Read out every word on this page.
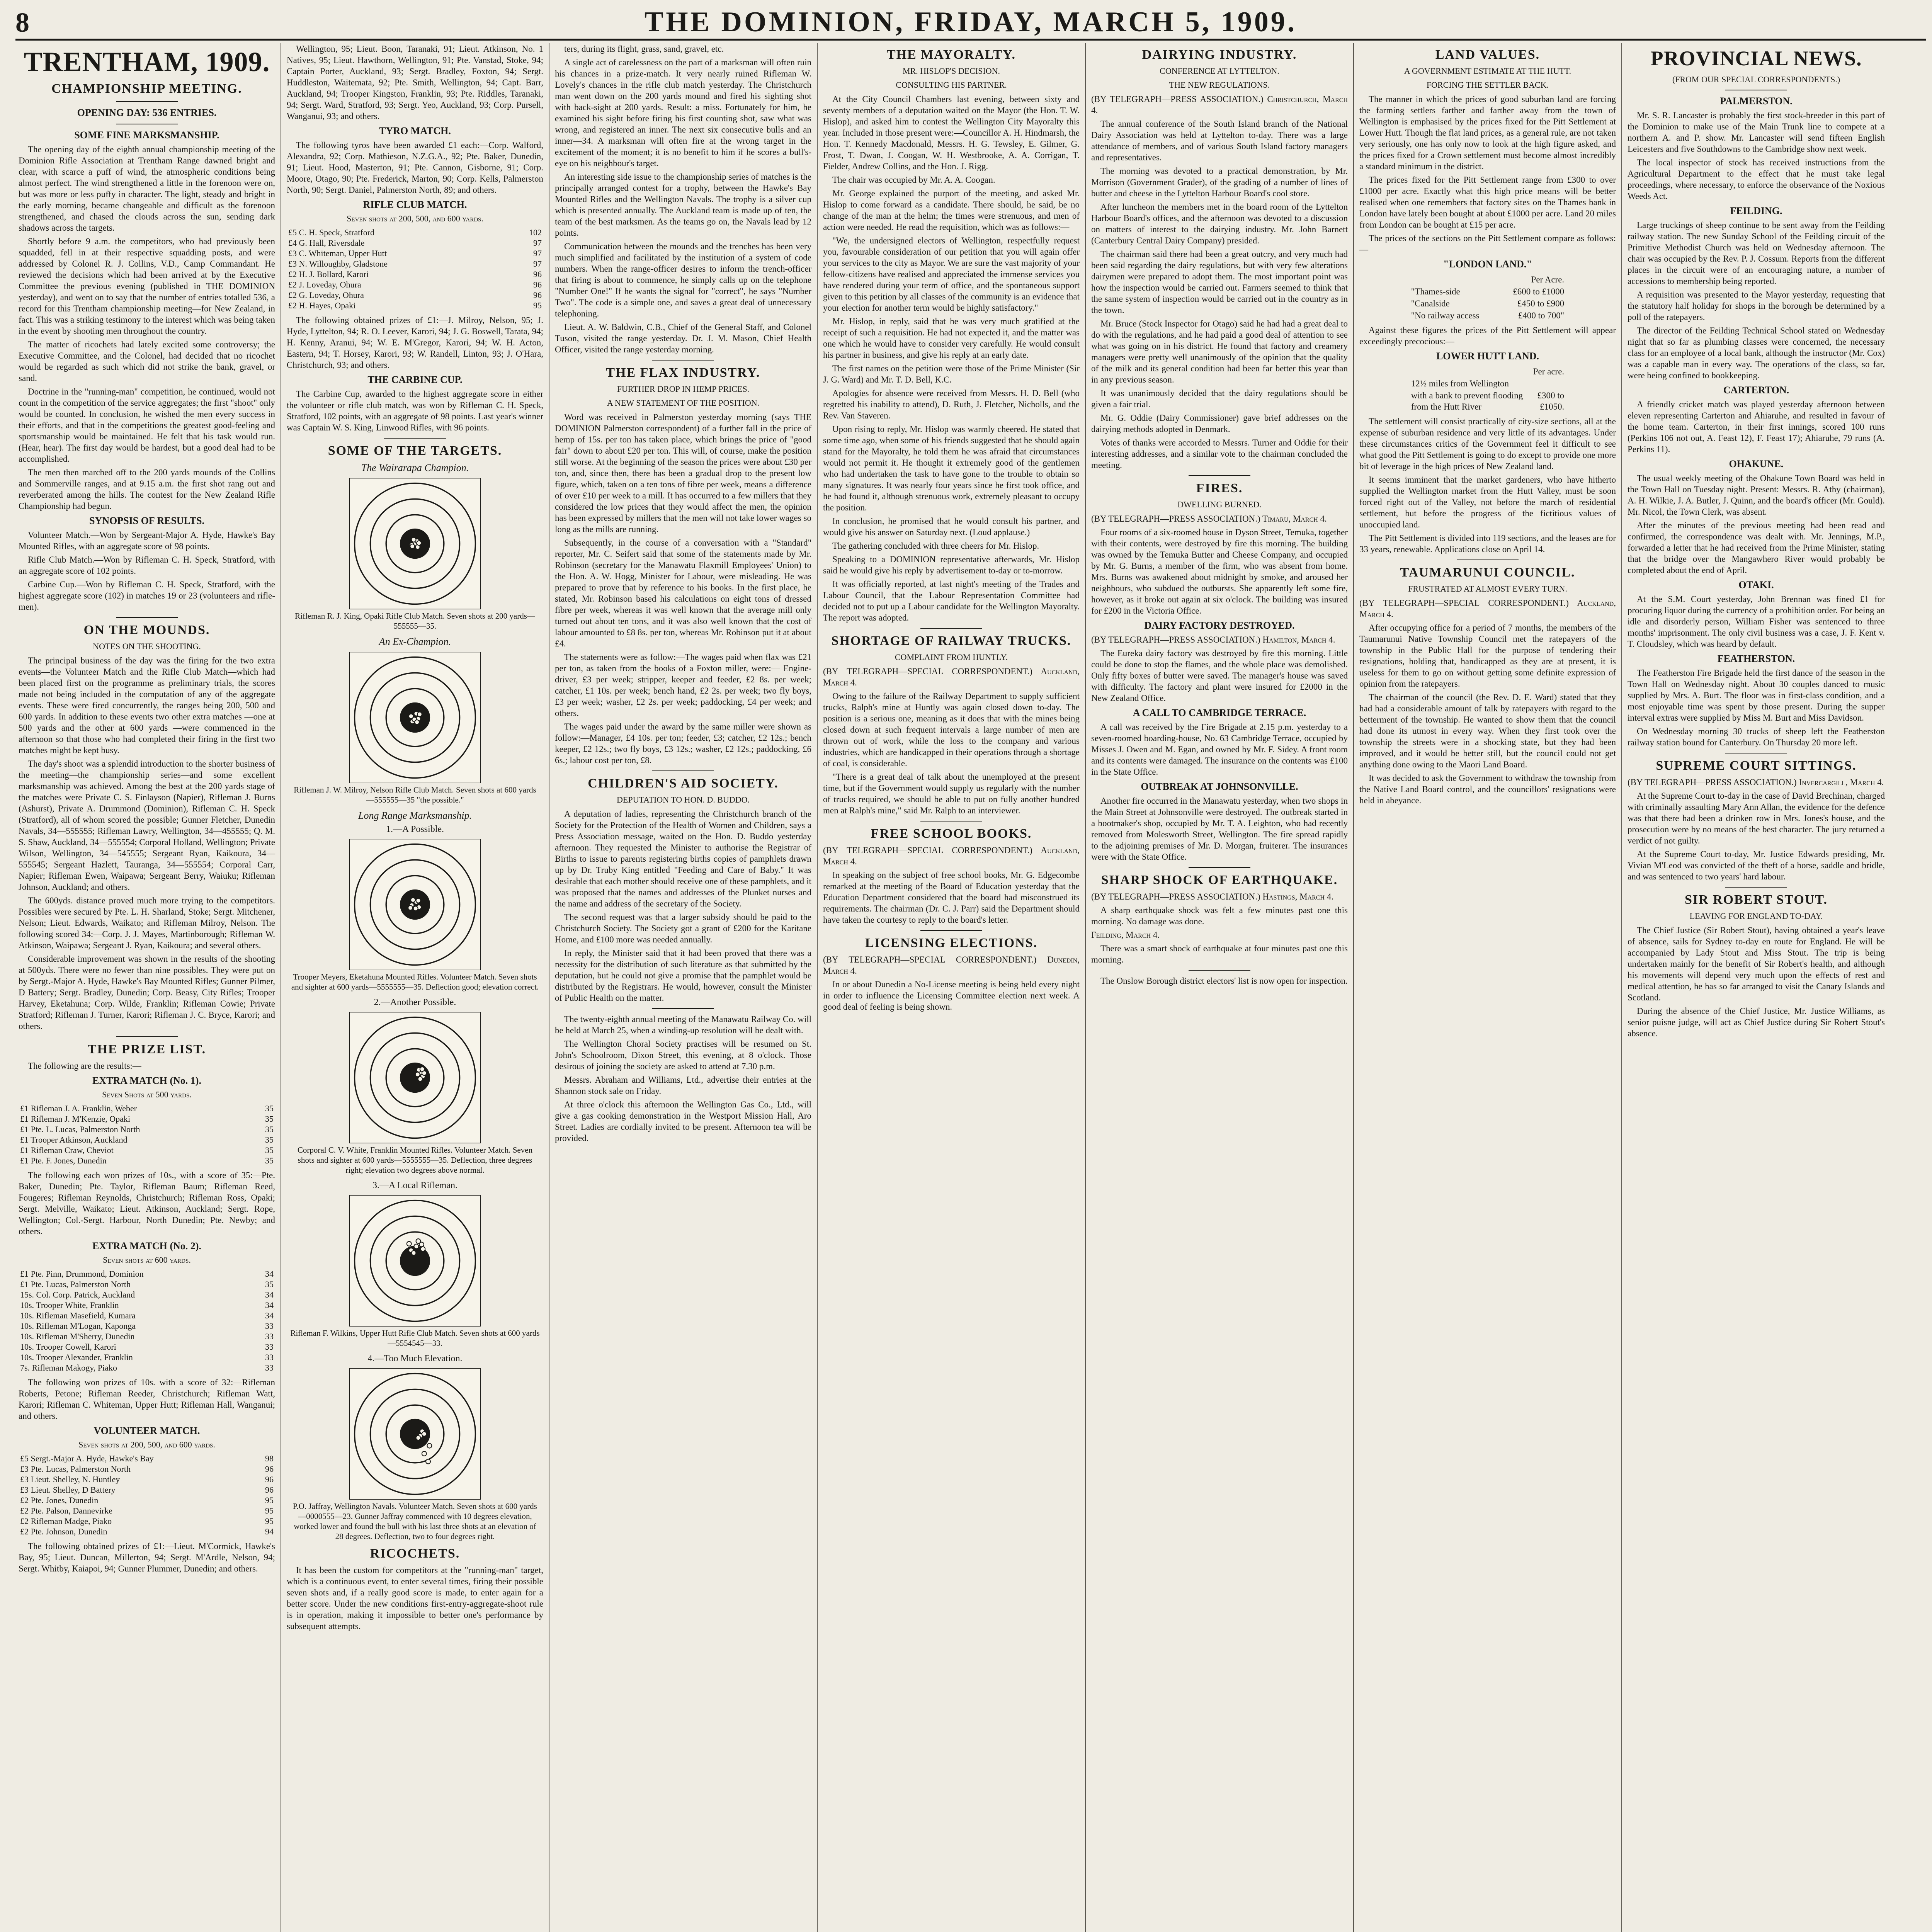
8	THE DOMINION, FRIDAY, MARCH 5, 1909.
TRENTHAM, 1909.
CHAMPIONSHIP MEETING.
OPENING DAY: 536 ENTRIES.
SOME FINE MARKSMANSHIP.

The opening day of the eighth annual championship meeting of the Dominion Rifle Association at Trentham Range dawned bright and clear, with scarce a puff of wind, the atmospheric conditions being almost perfect. The wind strengthened a little in the forenoon were on, but was more or less puffy in character. The light, steady and bright in the early morning, became changeable and difficult as the forenoon strengthened, and chased the clouds across the sun, sending dark shadows across the targets.

Shortly before 9 a.m. the competitors, who had previously been squadded, fell in at their respective squadding posts, and were addressed by Colonel R. J. Collins, V.D., Camp Commandant. He reviewed the decisions which had been arrived at by the Executive Committee the previous evening (published in THE DOMINION yesterday), and went on to say that the number of entries totalled 536, a record for this Trentham championship meeting—for New Zealand, in fact. This was a striking testimony to the interest which was being taken in the event by shooting men throughout the country.

The matter of ricochets had lately excited some controversy; the Executive Committee, and the Colonel, had decided that no ricochet would be regarded as such which did not strike the bank, gravel, or sand.

Doctrine in the "running-man" competition, he continued, would not count in the competition of the service aggregates; the first "shoot" only would be counted. In conclusion, he wished the men every success in their efforts, and that in the competitions the greatest good-feeling and sportsmanship would be maintained. He felt that his task would run. (Hear, hear). The first day would be hardest, but a good deal had to be accomplished.

The men then marched off to the 200 yards mounds of the Collins and Sommerville ranges, and at 9.15 a.m. the first shot rang out and reverberated among the hills. The contest for the New Zealand Rifle Championship had begun.

SYNOPSIS OF RESULTS.

Volunteer Match.—Won by Sergeant-Major A. Hyde, Hawke's Bay Mounted Rifles, with an aggregate score of 98 points.

Rifle Club Match.—Won by Rifleman C. H. Speck, Stratford, with an aggregate score of 102 points.

Carbine Cup.—Won by Rifleman C. H. Speck, Stratford, with the highest aggregate score (102) in matches 19 or 23 (volunteers and rifle-men).

ON THE MOUNDS.
NOTES ON THE SHOOTING.

The principal business of the day was the firing for the two extra events—the Volunteer Match and the Rifle Club Match—which had been placed first on the programme as preliminary trials, the scores made not being included in the computation of any of the aggregate events. These were fired concurrently, the ranges being 200, 500 and 600 yards. In addition to these events two other extra matches —one at 500 yards and the other at 600 yards —were commenced in the afternoon so that those who had completed their firing in the first two matches might be kept busy.

The day's shoot was a splendid introduction to the shorter business of the meeting—the championship series—and some excellent marksmanship was achieved. Among the best at the 200 yards stage of the matches were Private C. S. Finlayson (Napier), Rifleman J. Burns (Ashurst), Private A. Drummond (Dominion), Rifleman C. H. Speck (Stratford), all of whom scored the possible; Gunner Fletcher, Dunedin Navals, 34—555555; Rifleman Lawry, Wellington, 34—455555; Q. M. S. Shaw, Auckland, 34—555554; Corporal Holland, Wellington; Private Wilson, Wellington, 34—545555; Sergeant Ryan, Kaikoura, 34—555545; Sergeant Hazlett, Tauranga, 34—555554; Corporal Carr, Napier; Rifleman Ewen, Waipawa; Sergeant Berry, Waiuku; Rifleman Johnson, Auckland; and others.

The 600yds. distance proved much more trying to the competitors. Possibles were secured by Pte. L. H. Sharland, Stoke; Sergt. Mitchener, Nelson; Lieut. Edwards, Waikato; and Rifleman Milroy, Nelson. The following scored 34:—Corp. J. J. Mayes, Martinborough; Rifleman W. Atkinson, Waipawa; Sergeant J. Ryan, Kaikoura; and several others.

Considerable improvement was shown in the results of the shooting at 500yds. There were no fewer than nine possibles. They were put on by Sergt.-Major A. Hyde, Hawke's Bay Mounted Rifles; Gunner Pilmer, D Battery; Sergt. Bradley, Dunedin; Corp. Beasy, City Rifles; Trooper Harvey, Eketahuna; Corp. Wilde, Franklin; Rifleman Cowie; Private Stratford; Rifleman J. Turner, Karori; Rifleman J. C. Bryce, Karori; and others.

THE PRIZE LIST.

The following are the results:—

EXTRA MATCH (No. 1).
Seven Shots at 500 yards.
£1 Rifleman J. A. Franklin, Weber	35
£1 Rifleman J. M'Kenzie, Opaki	35
£1 Pte. L. Lucas, Palmerston North	35
£1 Trooper Atkinson, Auckland	35
£1 Rifleman Craw, Cheviot	35
£1 Pte. F. Jones, Dunedin	35

The following each won prizes of 10s., with a score of 35:—Pte. Baker, Dunedin; Pte. Taylor, Rifleman Baum; Rifleman Reed, Fougeres; Rifleman Reynolds, Christchurch; Rifleman Ross, Opaki; Sergt. Melville, Waikato; Lieut. Atkinson, Auckland; Sergt. Rope, Wellington; Col.-Sergt. Harbour, North Dunedin; Pte. Newby; and others.

EXTRA MATCH (No. 2).
Seven shots at 600 yards.
£1 Pte. Pinn, Drummond, Dominion	34
£1 Pte. Lucas, Palmerston North	35
15s. Col. Corp. Patrick, Auckland	34
10s. Trooper White, Franklin	34
10s. Rifleman Masefield, Kumara	34
10s. Rifleman M'Logan, Kaponga	33
10s. Rifleman M'Sherry, Dunedin	33
10s. Trooper Cowell, Karori	33
10s. Trooper Alexander, Franklin	33
7s. Rifleman Makogy, Piako	33

The following won prizes of 10s. with a score of 32:—Rifleman Roberts, Petone; Rifleman Reeder, Christchurch; Rifleman Watt, Karori; Rifleman C. Whiteman, Upper Hutt; Rifleman Hall, Wanganui; and others.

VOLUNTEER MATCH.
Seven shots at 200, 500, and 600 yards.
£5 Sergt.-Major A. Hyde, Hawke's Bay	98
£3 Pte. Lucas, Palmerston North	96
£3 Lieut. Shelley, N. Huntley	96
£3 Lieut. Shelley, D Battery	96
£2 Pte. Jones, Dunedin	95
£2 Pte. Palson, Dannevirke	95
£2 Rifleman Madge, Piako	95
£2 Pte. Johnson, Dunedin	94

The following obtained prizes of £1:—Lieut. M'Cormick, Hawke's Bay, 95; Lieut. Duncan, Millerton, 94; Sergt. M'Ardle, Nelson, 94; Sergt. Whitby, Kaiapoi, 94; Gunner Plummer, Dunedin; and others.

Wellington, 95; Lieut. Boon, Taranaki, 91; Lieut. Atkinson, No. 1 Natives, 95; Lieut. Hawthorn, Wellington, 91; Pte. Vanstad, Stoke, 94; Captain Porter, Auckland, 93; Sergt. Bradley, Foxton, 94; Sergt. Huddleston, Waitemata, 92; Pte. Smith, Wellington, 94; Capt. Barr, Auckland, 94; Trooper Kingston, Franklin, 93; Pte. Riddles, Taranaki, 94; Sergt. Ward, Stratford, 93; Sergt. Yeo, Auckland, 93; Corp. Pursell, Wanganui, 93; and others.

TYRO MATCH.

The following tyros have been awarded £1 each:—Corp. Walford, Alexandra, 92; Corp. Mathieson, N.Z.G.A., 92; Pte. Baker, Dunedin, 91; Lieut. Hood, Masterton, 91; Pte. Cannon, Gisborne, 91; Corp. Moore, Otago, 90; Pte. Frederick, Marton, 90; Corp. Kells, Palmerston North, 90; Sergt. Daniel, Palmerston North, 89; and others.

RIFLE CLUB MATCH.
Seven shots at 200, 500, and 600 yards.
£5 C. H. Speck, Stratford	102
£4 G. Hall, Riversdale	97
£3 C. Whiteman, Upper Hutt	97
£3 N. Willoughby, Gladstone	97
£2 H. J. Bollard, Karori	96
£2 J. Loveday, Ohura	96
£2 G. Loveday, Ohura	96
£2 H. Hayes, Opaki	95

The following obtained prizes of £1:—J. Milroy, Nelson, 95; J. Hyde, Lyttelton, 94; R. O. Leever, Karori, 94; J. G. Boswell, Tarata, 94; H. Kenny, Aranui, 94; W. E. M'Gregor, Karori, 94; W. H. Acton, Eastern, 94; T. Horsey, Karori, 93; W. Randell, Linton, 93; J. O'Hara, Christchurch, 93; and others.

THE CARBINE CUP.

The Carbine Cup, awarded to the highest aggregate score in either the volunteer or rifle club match, was won by Rifleman C. H. Speck, Stratford, 102 points, with an aggregate of 98 points. Last year's winner was Captain W. S. King, Linwood Rifles, with 96 points.

SOME OF THE TARGETS.
The Wairarapa Champion.
Rifleman R. J. King, Opaki Rifle Club Match. Seven shots at 200 yards—555555—35.
An Ex-Champion.
Rifleman J. W. Milroy, Nelson Rifle Club Match. Seven shots at 600 yards—555555—35 "the possible."
Long Range Marksmanship.
1.—A Possible.
Trooper Meyers, Eketahuna Mounted Rifles. Volunteer Match. Seven shots and sighter at 600 yards—5555555—35. Deflection good; elevation correct.
2.—Another Possible.
Corporal C. V. White, Franklin Mounted Rifles. Volunteer Match. Seven shots and sighter at 600 yards—5555555—35. Deflection, three degrees right; elevation two degrees above normal.
3.—A Local Rifleman.
Rifleman F. Wilkins, Upper Hutt Rifle Club Match. Seven shots at 600 yards—5554545—33.
4.—Too Much Elevation.
P.O. Jaffray, Wellington Navals. Volunteer Match. Seven shots at 600 yards—0000555—23. Gunner Jaffray commenced with 10 degrees elevation, worked lower and found the bull with his last three shots at an elevation of 28 degrees. Deflection, two to four degrees right.
RICOCHETS.

It has been the custom for competitors at the "running-man" target, which is a continuous event, to enter several times, firing their possible seven shots and, if a really good score is made, to enter again for a better score. Under the new conditions first-entry-aggregate-shoot rule is in operation, making it impossible to better one's performance by subsequent attempts.

ters, during its flight, grass, sand, gravel, etc.

A single act of carelessness on the part of a marksman will often ruin his chances in a prize-match. It very nearly ruined Rifleman W. Lovely's chances in the rifle club match yesterday. The Christchurch man went down on the 200 yards mound and fired his sighting shot with back-sight at 200 yards. Result: a miss. Fortunately for him, he examined his sight before firing his first counting shot, saw what was wrong, and registered an inner. The next six consecutive bulls and an inner—34. A marksman will often fire at the wrong target in the excitement of the moment; it is no benefit to him if he scores a bull's-eye on his neighbour's target.

An interesting side issue to the championship series of matches is the principally arranged contest for a trophy, between the Hawke's Bay Mounted Rifles and the Wellington Navals. The trophy is a silver cup which is presented annually. The Auckland team is made up of ten, the team of the best marksmen. As the teams go on, the Navals lead by 12 points.

Communication between the mounds and the trenches has been very much simplified and facilitated by the institution of a system of code numbers. When the range-officer desires to inform the trench-officer that firing is about to commence, he simply calls up on the telephone "Number One!" If he wants the signal for "correct", he says "Number Two". The code is a simple one, and saves a great deal of unnecessary telephoning.

Lieut. A. W. Baldwin, C.B., Chief of the General Staff, and Colonel Tuson, visited the range yesterday. Dr. J. M. Mason, Chief Health Officer, visited the range yesterday morning.

THE FLAX INDUSTRY.
FURTHER DROP IN HEMP PRICES.
A NEW STATEMENT OF THE POSITION.

Word was received in Palmerston yesterday morning (says THE DOMINION Palmerston correspondent) of a further fall in the price of hemp of 15s. per ton has taken place, which brings the price of "good fair" down to about £20 per ton. This will, of course, make the position still worse. At the beginning of the season the prices were about £30 per ton, and, since then, there has been a gradual drop to the present low figure, which, taken on a ten tons of fibre per week, means a difference of over £10 per week to a mill. It has occurred to a few millers that they considered the low prices that they would affect the men, the opinion has been expressed by millers that the men will not take lower wages so long as the mills are running.

Subsequently, in the course of a conversation with a "Standard" reporter, Mr. C. Seifert said that some of the statements made by Mr. Robinson (secretary for the Manawatu Flaxmill Employees' Union) to the Hon. A. W. Hogg, Minister for Labour, were misleading. He was prepared to prove that by reference to his books. In the first place, he stated, Mr. Robinson based his calculations on eight tons of dressed fibre per week, whereas it was well known that the average mill only turned out about ten tons, and it was also well known that the cost of labour amounted to £8 8s. per ton, whereas Mr. Robinson put it at about £4.

The statements were as follow:—The wages paid when flax was £21 per ton, as taken from the books of a Foxton miller, were:— Engine-driver, £3 per week; stripper, keeper and feeder, £2 8s. per week; catcher, £1 10s. per week; bench hand, £2 2s. per week; two fly boys, £3 per week; washer, £2 2s. per week; paddocking, £4 per week; and others.

The wages paid under the award by the same miller were shown as follow:—Manager, £4 10s. per ton; feeder, £3; catcher, £2 12s.; bench keeper, £2 12s.; two fly boys, £3 12s.; washer, £2 12s.; paddocking, £6 6s.; labour cost per ton, £8.

CHILDREN'S AID SOCIETY.
DEPUTATION TO HON. D. BUDDO.

A deputation of ladies, representing the Christchurch branch of the Society for the Protection of the Health of Women and Children, says a Press Association message, waited on the Hon. D. Buddo yesterday afternoon. They requested the Minister to authorise the Registrar of Births to issue to parents registering births copies of pamphlets drawn up by Dr. Truby King entitled "Feeding and Care of Baby." It was desirable that each mother should receive one of these pamphlets, and it was proposed that the names and addresses of the Plunket nurses and the name and address of the secretary of the Society.

The second request was that a larger subsidy should be paid to the Christchurch Society. The Society got a grant of £200 for the Karitane Home, and £100 more was needed annually.

In reply, the Minister said that it had been proved that there was a necessity for the distribution of such literature as that submitted by the deputation, but he could not give a promise that the pamphlet would be distributed by the Registrars. He would, however, consult the Minister of Public Health on the matter.

The twenty-eighth annual meeting of the Manawatu Railway Co. will be held at March 25, when a winding-up resolution will be dealt with.

The Wellington Choral Society practises will be resumed on St. John's Schoolroom, Dixon Street, this evening, at 8 o'clock. Those desirous of joining the society are asked to attend at 7.30 p.m.

Messrs. Abraham and Williams, Ltd., advertise their entries at the Shannon stock sale on Friday.

At three o'clock this afternoon the Wellington Gas Co., Ltd., will give a gas cooking demonstration in the Westport Mission Hall, Aro Street. Ladies are cordially invited to be present. Afternoon tea will be provided.

THE MAYORALTY.
MR. HISLOP'S DECISION.
CONSULTING HIS PARTNER.

At the City Council Chambers last evening, between sixty and seventy members of a deputation waited on the Mayor (the Hon. T. W. Hislop), and asked him to contest the Wellington City Mayoralty this year. Included in those present were:—Councillor A. H. Hindmarsh, the Hon. T. Kennedy Macdonald, Messrs. H. G. Tewsley, E. Gilmer, G. Frost, T. Dwan, J. Coogan, W. H. Westbrooke, A. A. Corrigan, T. Fielder, Andrew Collins, and the Hon. J. Rigg.

The chair was occupied by Mr. A. A. Coogan.

Mr. George explained the purport of the meeting, and asked Mr. Hislop to come forward as a candidate. There should, he said, be no change of the man at the helm; the times were strenuous, and men of action were needed. He read the requisition, which was as follows:—

"We, the undersigned electors of Wellington, respectfully request you, favourable consideration of our petition that you will again offer your services to the city as Mayor. We are sure the vast majority of your fellow-citizens have realised and appreciated the immense services you have rendered during your term of office, and the spontaneous support given to this petition by all classes of the community is an evidence that your election for another term would be highly satisfactory."

Mr. Hislop, in reply, said that he was very much gratified at the receipt of such a requisition. He had not expected it, and the matter was one which he would have to consider very carefully. He would consult his partner in business, and give his reply at an early date.

The first names on the petition were those of the Prime Minister (Sir J. G. Ward) and Mr. T. D. Bell, K.C.

Apologies for absence were received from Messrs. H. D. Bell (who regretted his inability to attend), D. Ruth, J. Fletcher, Nicholls, and the Rev. Van Staveren.

Upon rising to reply, Mr. Hislop was warmly cheered. He stated that some time ago, when some of his friends suggested that he should again stand for the Mayoralty, he told them he was afraid that circumstances would not permit it. He thought it extremely good of the gentlemen who had undertaken the task to have gone to the trouble to obtain so many signatures. It was nearly four years since he first took office, and he had found it, although strenuous work, extremely pleasant to occupy the position.

In conclusion, he promised that he would consult his partner, and would give his answer on Saturday next. (Loud applause.)

The gathering concluded with three cheers for Mr. Hislop.

Speaking to a DOMINION representative afterwards, Mr. Hislop said he would give his reply by advertisement to-day or to-morrow.

It was officially reported, at last night's meeting of the Trades and Labour Council, that the Labour Representation Committee had decided not to put up a Labour candidate for the Wellington Mayoralty. The report was adopted.

SHORTAGE OF RAILWAY TRUCKS.
COMPLAINT FROM HUNTLY.

(BY TELEGRAPH—SPECIAL CORRESPONDENT.) Auckland, March 4.

Owing to the failure of the Railway Department to supply sufficient trucks, Ralph's mine at Huntly was again closed down to-day. The position is a serious one, meaning as it does that with the mines being closed down at such frequent intervals a large number of men are thrown out of work, while the loss to the company and various industries, which are handicapped in their operations through a shortage of coal, is considerable.

"There is a great deal of talk about the unemployed at the present time, but if the Government would supply us regularly with the number of trucks required, we should be able to put on fully another hundred men at Ralph's mine," said Mr. Ralph to an interviewer.

FREE SCHOOL BOOKS.

(BY TELEGRAPH—SPECIAL CORRESPONDENT.) Auckland, March 4.

In speaking on the subject of free school books, Mr. G. Edgecombe remarked at the meeting of the Board of Education yesterday that the Education Department considered that the board had misconstrued its requirements. The chairman (Dr. C. J. Parr) said the Department should have taken the courtesy to reply to the board's letter.

LICENSING ELECTIONS.

(BY TELEGRAPH—SPECIAL CORRESPONDENT.) Dunedin, March 4.

In or about Dunedin a No-License meeting is being held every night in order to influence the Licensing Committee election next week. A good deal of feeling is being shown.

DAIRYING INDUSTRY.
CONFERENCE AT LYTTELTON.
THE NEW REGULATIONS.

(BY TELEGRAPH—PRESS ASSOCIATION.) Christchurch, March 4.

The annual conference of the South Island branch of the National Dairy Association was held at Lyttelton to-day. There was a large attendance of members, and of various South Island factory managers and representatives.

The morning was devoted to a practical demonstration, by Mr. Morrison (Government Grader), of the grading of a number of lines of butter and cheese in the Lyttelton Harbour Board's cool store.

After luncheon the members met in the board room of the Lyttelton Harbour Board's offices, and the afternoon was devoted to a discussion on matters of interest to the dairying industry. Mr. John Barnett (Canterbury Central Dairy Company) presided.

The chairman said there had been a great outcry, and very much had been said regarding the dairy regulations, but with very few alterations dairymen were prepared to adopt them. The most important point was how the inspection would be carried out. Farmers seemed to think that the same system of inspection would be carried out in the country as in the town.

Mr. Bruce (Stock Inspector for Otago) said he had had a great deal to do with the regulations, and he had paid a good deal of attention to see what was going on in his district. He found that factory and creamery managers were pretty well unanimously of the opinion that the quality of the milk and its general condition had been far better this year than in any previous season.

It was unanimously decided that the dairy regulations should be given a fair trial.

Mr. G. Oddie (Dairy Commissioner) gave brief addresses on the dairying methods adopted in Denmark.

Votes of thanks were accorded to Messrs. Turner and Oddie for their interesting addresses, and a similar vote to the chairman concluded the meeting.

FIRES.
DWELLING BURNED.

(BY TELEGRAPH—PRESS ASSOCIATION.) Timaru, March 4.

Four rooms of a six-roomed house in Dyson Street, Temuka, together with their contents, were destroyed by fire this morning. The building was owned by the Temuka Butter and Cheese Company, and occupied by Mr. G. Burns, a member of the firm, who was absent from home. Mrs. Burns was awakened about midnight by smoke, and aroused her neighbours, who subdued the outbursts. She apparently left some fire, however, as it broke out again at six o'clock. The building was insured for £200 in the Victoria Office.

DAIRY FACTORY DESTROYED.

(BY TELEGRAPH—PRESS ASSOCIATION.) Hamilton, March 4.

The Eureka dairy factory was destroyed by fire this morning. Little could be done to stop the flames, and the whole place was demolished. Only fifty boxes of butter were saved. The manager's house was saved with difficulty. The factory and plant were insured for £2000 in the New Zealand Office.

A CALL TO CAMBRIDGE TERRACE.

A call was received by the Fire Brigade at 2.15 p.m. yesterday to a seven-roomed boarding-house, No. 63 Cambridge Terrace, occupied by Misses J. Owen and M. Egan, and owned by Mr. F. Sidey. A front room and its contents were damaged. The insurance on the contents was £100 in the State Office.

OUTBREAK AT JOHNSONVILLE.

Another fire occurred in the Manawatu yesterday, when two shops in the Main Street at Johnsonville were destroyed. The outbreak started in a bootmaker's shop, occupied by Mr. T. A. Leighton, who had recently removed from Molesworth Street, Wellington. The fire spread rapidly to the adjoining premises of Mr. D. Morgan, fruiterer. The insurances were with the State Office.

SHARP SHOCK OF EARTHQUAKE.

(BY TELEGRAPH—PRESS ASSOCIATION.) Hastings, March 4.

A sharp earthquake shock was felt a few minutes past one this morning. No damage was done.

Feilding, March 4.

There was a smart shock of earthquake at four minutes past one this morning.

The Onslow Borough district electors' list is now open for inspection.

LAND VALUES.
A GOVERNMENT ESTIMATE AT THE HUTT.
FORCING THE SETTLER BACK.

The manner in which the prices of good suburban land are forcing the farming settlers farther and farther away from the town of Wellington is emphasised by the prices fixed for the Pitt Settlement at Lower Hutt. Though the flat land prices, as a general rule, are not taken very seriously, one has only now to look at the high figure asked, and the prices fixed for a Crown settlement must become almost incredibly a standard minimum in the district.

The prices fixed for the Pitt Settlement range from £300 to over £1000 per acre. Exactly what this high price means will be better realised when one remembers that factory sites on the Thames bank in London have lately been bought at about £1000 per acre. Land 20 miles from London can be bought at £15 per acre.

The prices of the sections on the Pitt Settlement compare as follows:—

"LONDON LAND."
	Per Acre.
"Thames-side	£600 to £1000
"Canalside	£450 to £900
"No railway access	£400 to 700"

Against these figures the prices of the Pitt Settlement will appear exceedingly precocious:—

LOWER HUTT LAND.
	Per acre.
12½ miles from Wellington	
with a bank to prevent flooding from the Hutt River	£300 to £1050.

The settlement will consist practically of city-size sections, all at the expense of suburban residence and very little of its advantages. Under these circumstances critics of the Government feel it difficult to see what good the Pitt Settlement is going to do except to provide one more bit of leverage in the high prices of New Zealand land.

It seems imminent that the market gardeners, who have hitherto supplied the Wellington market from the Hutt Valley, must be soon forced right out of the Valley, not before the march of residential settlement, but before the progress of the fictitious values of unoccupied land.

The Pitt Settlement is divided into 119 sections, and the leases are for 33 years, renewable. Applications close on April 14.

TAUMARUNUI COUNCIL.
FRUSTRATED AT ALMOST EVERY TURN.

(BY TELEGRAPH—SPECIAL CORRESPONDENT.) Auckland, March 4.

After occupying office for a period of 7 months, the members of the Taumarunui Native Township Council met the ratepayers of the township in the Public Hall for the purpose of tendering their resignations, holding that, handicapped as they are at present, it is useless for them to go on without getting some definite expression of opinion from the ratepayers.

The chairman of the council (the Rev. D. E. Ward) stated that they had had a considerable amount of talk by ratepayers with regard to the betterment of the township. He wanted to show them that the council had done its utmost in every way. When they first took over the township the streets were in a shocking state, but they had been improved, and it would be better still, but the council could not get anything done owing to the Maori Land Board.

It was decided to ask the Government to withdraw the township from the Native Land Board control, and the councillors' resignations were held in abeyance.

PROVINCIAL NEWS.
(FROM OUR SPECIAL CORRESPONDENTS.)
PALMERSTON.

Mr. S. R. Lancaster is probably the first stock-breeder in this part of the Dominion to make use of the Main Trunk line to compete at a northern A. and P. show. Mr. Lancaster will send fifteen English Leicesters and five Southdowns to the Cambridge show next week.

The local inspector of stock has received instructions from the Agricultural Department to the effect that he must take legal proceedings, where necessary, to enforce the observance of the Noxious Weeds Act.

FEILDING.

Large truckings of sheep continue to be sent away from the Feilding railway station. The new Sunday School of the Feilding circuit of the Primitive Methodist Church was held on Wednesday afternoon. The chair was occupied by the Rev. P. J. Cossum. Reports from the different places in the circuit were of an encouraging nature, a number of accessions to membership being reported.

A requisition was presented to the Mayor yesterday, requesting that the statutory half holiday for shops in the borough be determined by a poll of the ratepayers.

The director of the Feilding Technical School stated on Wednesday night that so far as plumbing classes were concerned, the necessary class for an employee of a local bank, although the instructor (Mr. Cox) was a capable man in every way. The operations of the class, so far, were being confined to bookkeeping.

CARTERTON.

A friendly cricket match was played yesterday afternoon between eleven representing Carterton and Ahiaruhe, and resulted in favour of the home team. Carterton, in their first innings, scored 100 runs (Perkins 106 not out, A. Feast 12), F. Feast 17); Ahiaruhe, 79 runs (A. Perkins 11).

OHAKUNE.

The usual weekly meeting of the Ohakune Town Board was held in the Town Hall on Tuesday night. Present: Messrs. R. Athy (chairman), A. H. Wilkie, J. A. Butler, J. Quinn, and the board's officer (Mr. Gould). Mr. Nicol, the Town Clerk, was absent.

After the minutes of the previous meeting had been read and confirmed, the correspondence was dealt with. Mr. Jennings, M.P., forwarded a letter that he had received from the Prime Minister, stating that the bridge over the Mangawhero River would probably be completed about the end of April.

OTAKI.

At the S.M. Court yesterday, John Brennan was fined £1 for procuring liquor during the currency of a prohibition order. For being an idle and disorderly person, William Fisher was sentenced to three months' imprisonment. The only civil business was a case, J. F. Kent v. T. Cloudsley, which was heard by default.

FEATHERSTON.

The Featherston Fire Brigade held the first dance of the season in the Town Hall on Wednesday night. About 30 couples danced to music supplied by Mrs. A. Burt. The floor was in first-class condition, and a most enjoyable time was spent by those present. During the supper interval extras were supplied by Miss M. Burt and Miss Davidson.

On Wednesday morning 30 trucks of sheep left the Featherston railway station bound for Canterbury. On Thursday 20 more left.

SUPREME COURT SITTINGS.

(BY TELEGRAPH—PRESS ASSOCIATION.) Invercargill, March 4.

At the Supreme Court to-day in the case of David Brechinan, charged with criminally assaulting Mary Ann Allan, the evidence for the defence was that there had been a drinken row in Mrs. Jones's house, and the prosecution were by no means of the best character. The jury returned a verdict of not guilty.

At the Supreme Court to-day, Mr. Justice Edwards presiding, Mr. Vivian M'Leod was convicted of the theft of a horse, saddle and bridle, and was sentenced to two years' hard labour.

SIR ROBERT STOUT.
LEAVING FOR ENGLAND TO-DAY.

The Chief Justice (Sir Robert Stout), having obtained a year's leave of absence, sails for Sydney to-day en route for England. He will be accompanied by Lady Stout and Miss Stout. The trip is being undertaken mainly for the benefit of Sir Robert's health, and although his movements will depend very much upon the effects of rest and medical attention, he has so far arranged to visit the Canary Islands and Scotland.

During the absence of the Chief Justice, Mr. Justice Williams, as senior puisne judge, will act as Chief Justice during Sir Robert Stout's absence.
